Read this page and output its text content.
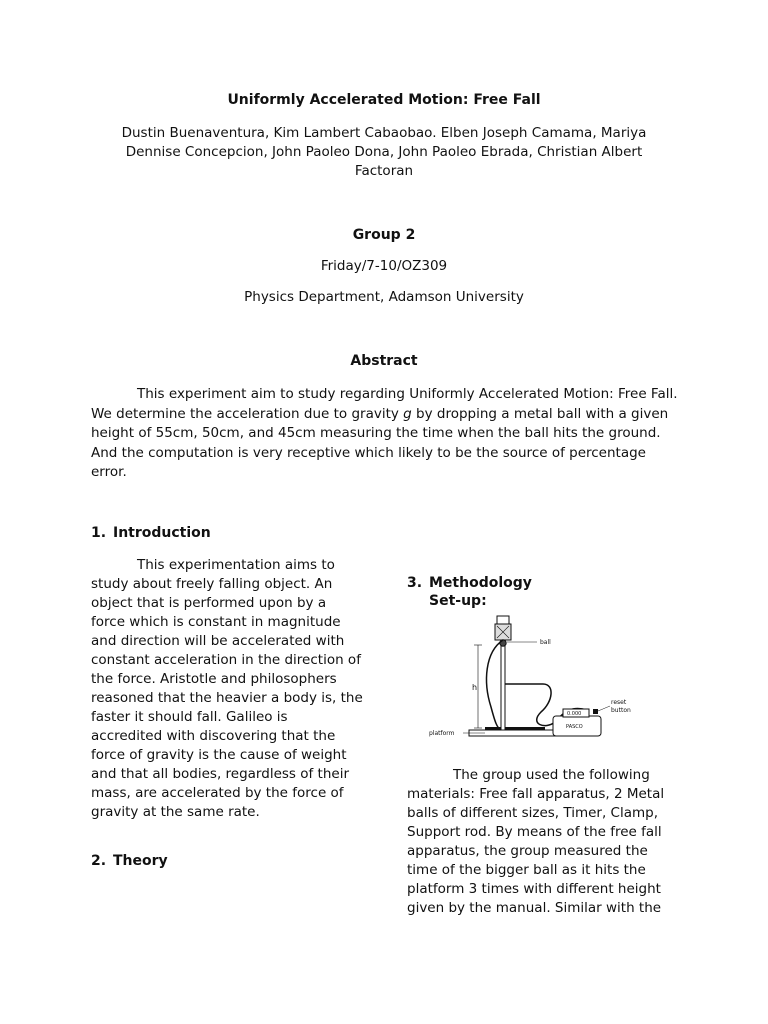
Uniformly Accelerated Motion: Free Fall
Dustin Buenaventura, Kim Lambert Cabaobao. Elben Joseph Camama, Mariya
Dennise Concepcion, John Paoleo Dona, John Paoleo Ebrada, Christian Albert
Factoran
Group 2
Friday/7-10/OZ309
Physics Department, Adamson University
Abstract

This experiment aim to study regarding Uniformly Accelerated Motion: Free Fall. We determine the acceleration due to gravity g by dropping a metal ball with a given height of 55cm, 50cm, and 45cm measuring the time when the ball hits the ground. And the computation is very receptive which likely to be the source of percentage error.

1. Introduction

This experimentation aims to study about freely falling object. An object that is performed upon by a force which is constant in magnitude and direction will be accelerated with constant acceleration in the direction of the force. Aristotle and philosophers reasoned that the heavier a body is, the faster it should fall. Galileo is accredited with discovering that the force of gravity is the cause of weight and that all bodies, regardless of their mass, are accelerated by the force of gravity at the same rate.

2. Theory
3. Methodology
Set-up:
ball
h
platform
0.000
PASCO
reset
button

The group used the following materials: Free fall apparatus, 2 Metal balls of different sizes, Timer, Clamp, Support rod. By means of the free fall apparatus, the group measured the time of the bigger ball as it hits the platform 3 times with different height given by the manual. Similar with the
